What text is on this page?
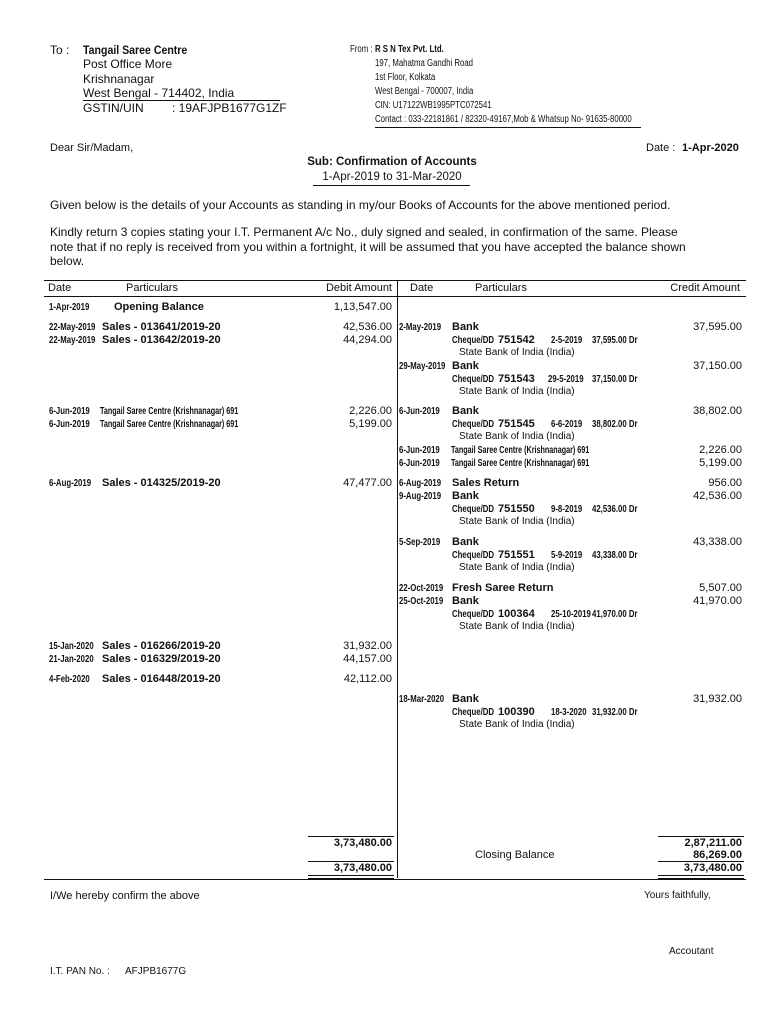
To : Tangail Saree Centre
Post Office More
Krishnanagar
West Bengal - 714402, India
GSTIN/UIN : 19AFJPB1677G1ZF
From : R S N Tex Pvt. Ltd.
197, Mahatma Gandhi Road
1st Floor, Kolkata
West Bengal - 700007, India
CIN: U17122WB1995PTC072541
Contact : 033-22181861 / 82320-49167,Mob & Whatsup No- 91635-80000
Dear Sir/Madam,	Date : 1-Apr-2020
Sub: Confirmation of Accounts
1-Apr-2019 to 31-Mar-2020
Given below is the details of your Accounts as standing in my/our Books of Accounts for the above mentioned period.
Kindly return 3 copies stating your I.T. Permanent A/c No., duly signed and sealed, in confirmation of the same. Please
note that if no reply is received from you within a fortnight, it will be assumed that you have accepted the balance shown
below.
Date	Particulars	Debit Amount Date	Particulars	Credit Amount
1-Apr-2019	Opening Balance	1,13,547.00
22-May-2019 Sales - 013641/2019-20	42,536.00
22-May-2019 Sales - 013642/2019-20	44,294.00
6-Jun-2019	Tangail Saree Centre (Krishnanagar) 691	2,226.00
6-Jun-2019	Tangail Saree Centre (Krishnanagar) 691	5,199.00
6-Aug-2019 Sales - 014325/2019-20	47,477.00
15-Jan-2020 Sales - 016266/2019-20	31,932.00
21-Jan-2020 Sales - 016329/2019-20	44,157.00
4-Feb-2020	Sales - 016448/2019-20	42,112.00
2-May-2019 Bank	37,595.00
Cheque/DD 751542 2-5-2019 37,595.00 Dr
State Bank of India (India)
29-May-2019 Bank	37,150.00
Cheque/DD 751543 29-5-2019 37,150.00 Dr
State Bank of India (India)
6-Jun-2019	Bank	38,802.00
Cheque/DD 751545 6-6-2019 38,802.00 Dr
State Bank of India (India)
6-Jun-2019	Tangail Saree Centre (Krishnanagar) 691	2,226.00
6-Jun-2019	Tangail Saree Centre (Krishnanagar) 691	5,199.00
6-Aug-2019 Sales Return	956.00
9-Aug-2019 Bank	42,536.00
Cheque/DD 751550 9-8-2019 42,536.00 Dr
State Bank of India (India)
5-Sep-2019	Bank	43,338.00
Cheque/DD 751551 5-9-2019 43,338.00 Dr
State Bank of India (India)
22-Oct-2019 Fresh Saree Return	5,507.00
25-Oct-2019 Bank	41,970.00
Cheque/DD 100364 25-10-2019 41,970.00 Dr
State Bank of India (India)
18-Mar-2020 Bank	31,932.00
Cheque/DD 100390 18-3-2020 31,932.00 Dr
State Bank of India (India)
3,73,480.00
3,73,480.00
2,87,211.00
Closing Balance	86,269.00
3,73,480.00
I/We hereby confirm the above	Yours faithfully,
Accoutant
I.T. PAN No. : AFJPB1677G
